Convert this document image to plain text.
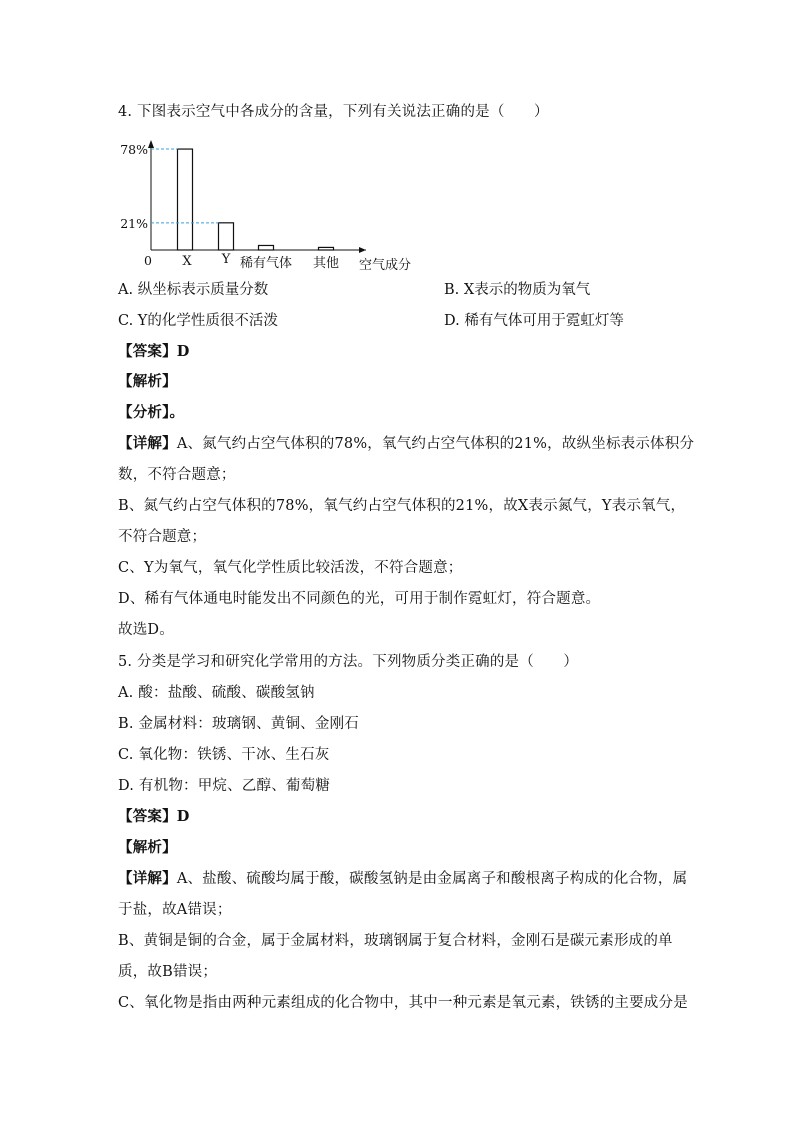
4. 下图表示空气中各成分的含量，下列有关说法正确的是（　　）
78%
21%
0 X Y 稀有气体 其他 空气成分
A. 纵坐标表示质量分数	B. X表示的物质为氧气
C. Y的化学性质很不活泼	D. 稀有气体可用于霓虹灯等
【答案】D
【解析】
【分析】。
【详解】A、氮气约占空气体积的78%，氧气约占空气体积的21%，故纵坐标表示体积分
数，不符合题意；
B、氮气约占空气体积的78%，氧气约占空气体积的21%，故X表示氮气，Y表示氧气，
不符合题意；
C、Y为氧气，氧气化学性质比较活泼，不符合题意；
D、稀有气体通电时能发出不同颜色的光，可用于制作霓虹灯，符合题意。
故选D。
5. 分类是学习和研究化学常用的方法。下列物质分类正确的是（　　）
A. 酸：盐酸、硫酸、碳酸氢钠
B. 金属材料：玻璃钢、黄铜、金刚石
C. 氧化物：铁锈、干冰、生石灰
D. 有机物：甲烷、乙醇、葡萄糖
【答案】D
【解析】
【详解】A、盐酸、硫酸均属于酸，碳酸氢钠是由金属离子和酸根离子构成的化合物，属
于盐，故A错误；
B、黄铜是铜的合金，属于金属材料，玻璃钢属于复合材料，金刚石是碳元素形成的单
质，故B错误；
C、氧化物是指由两种元素组成的化合物中，其中一种元素是氧元素，铁锈的主要成分是
